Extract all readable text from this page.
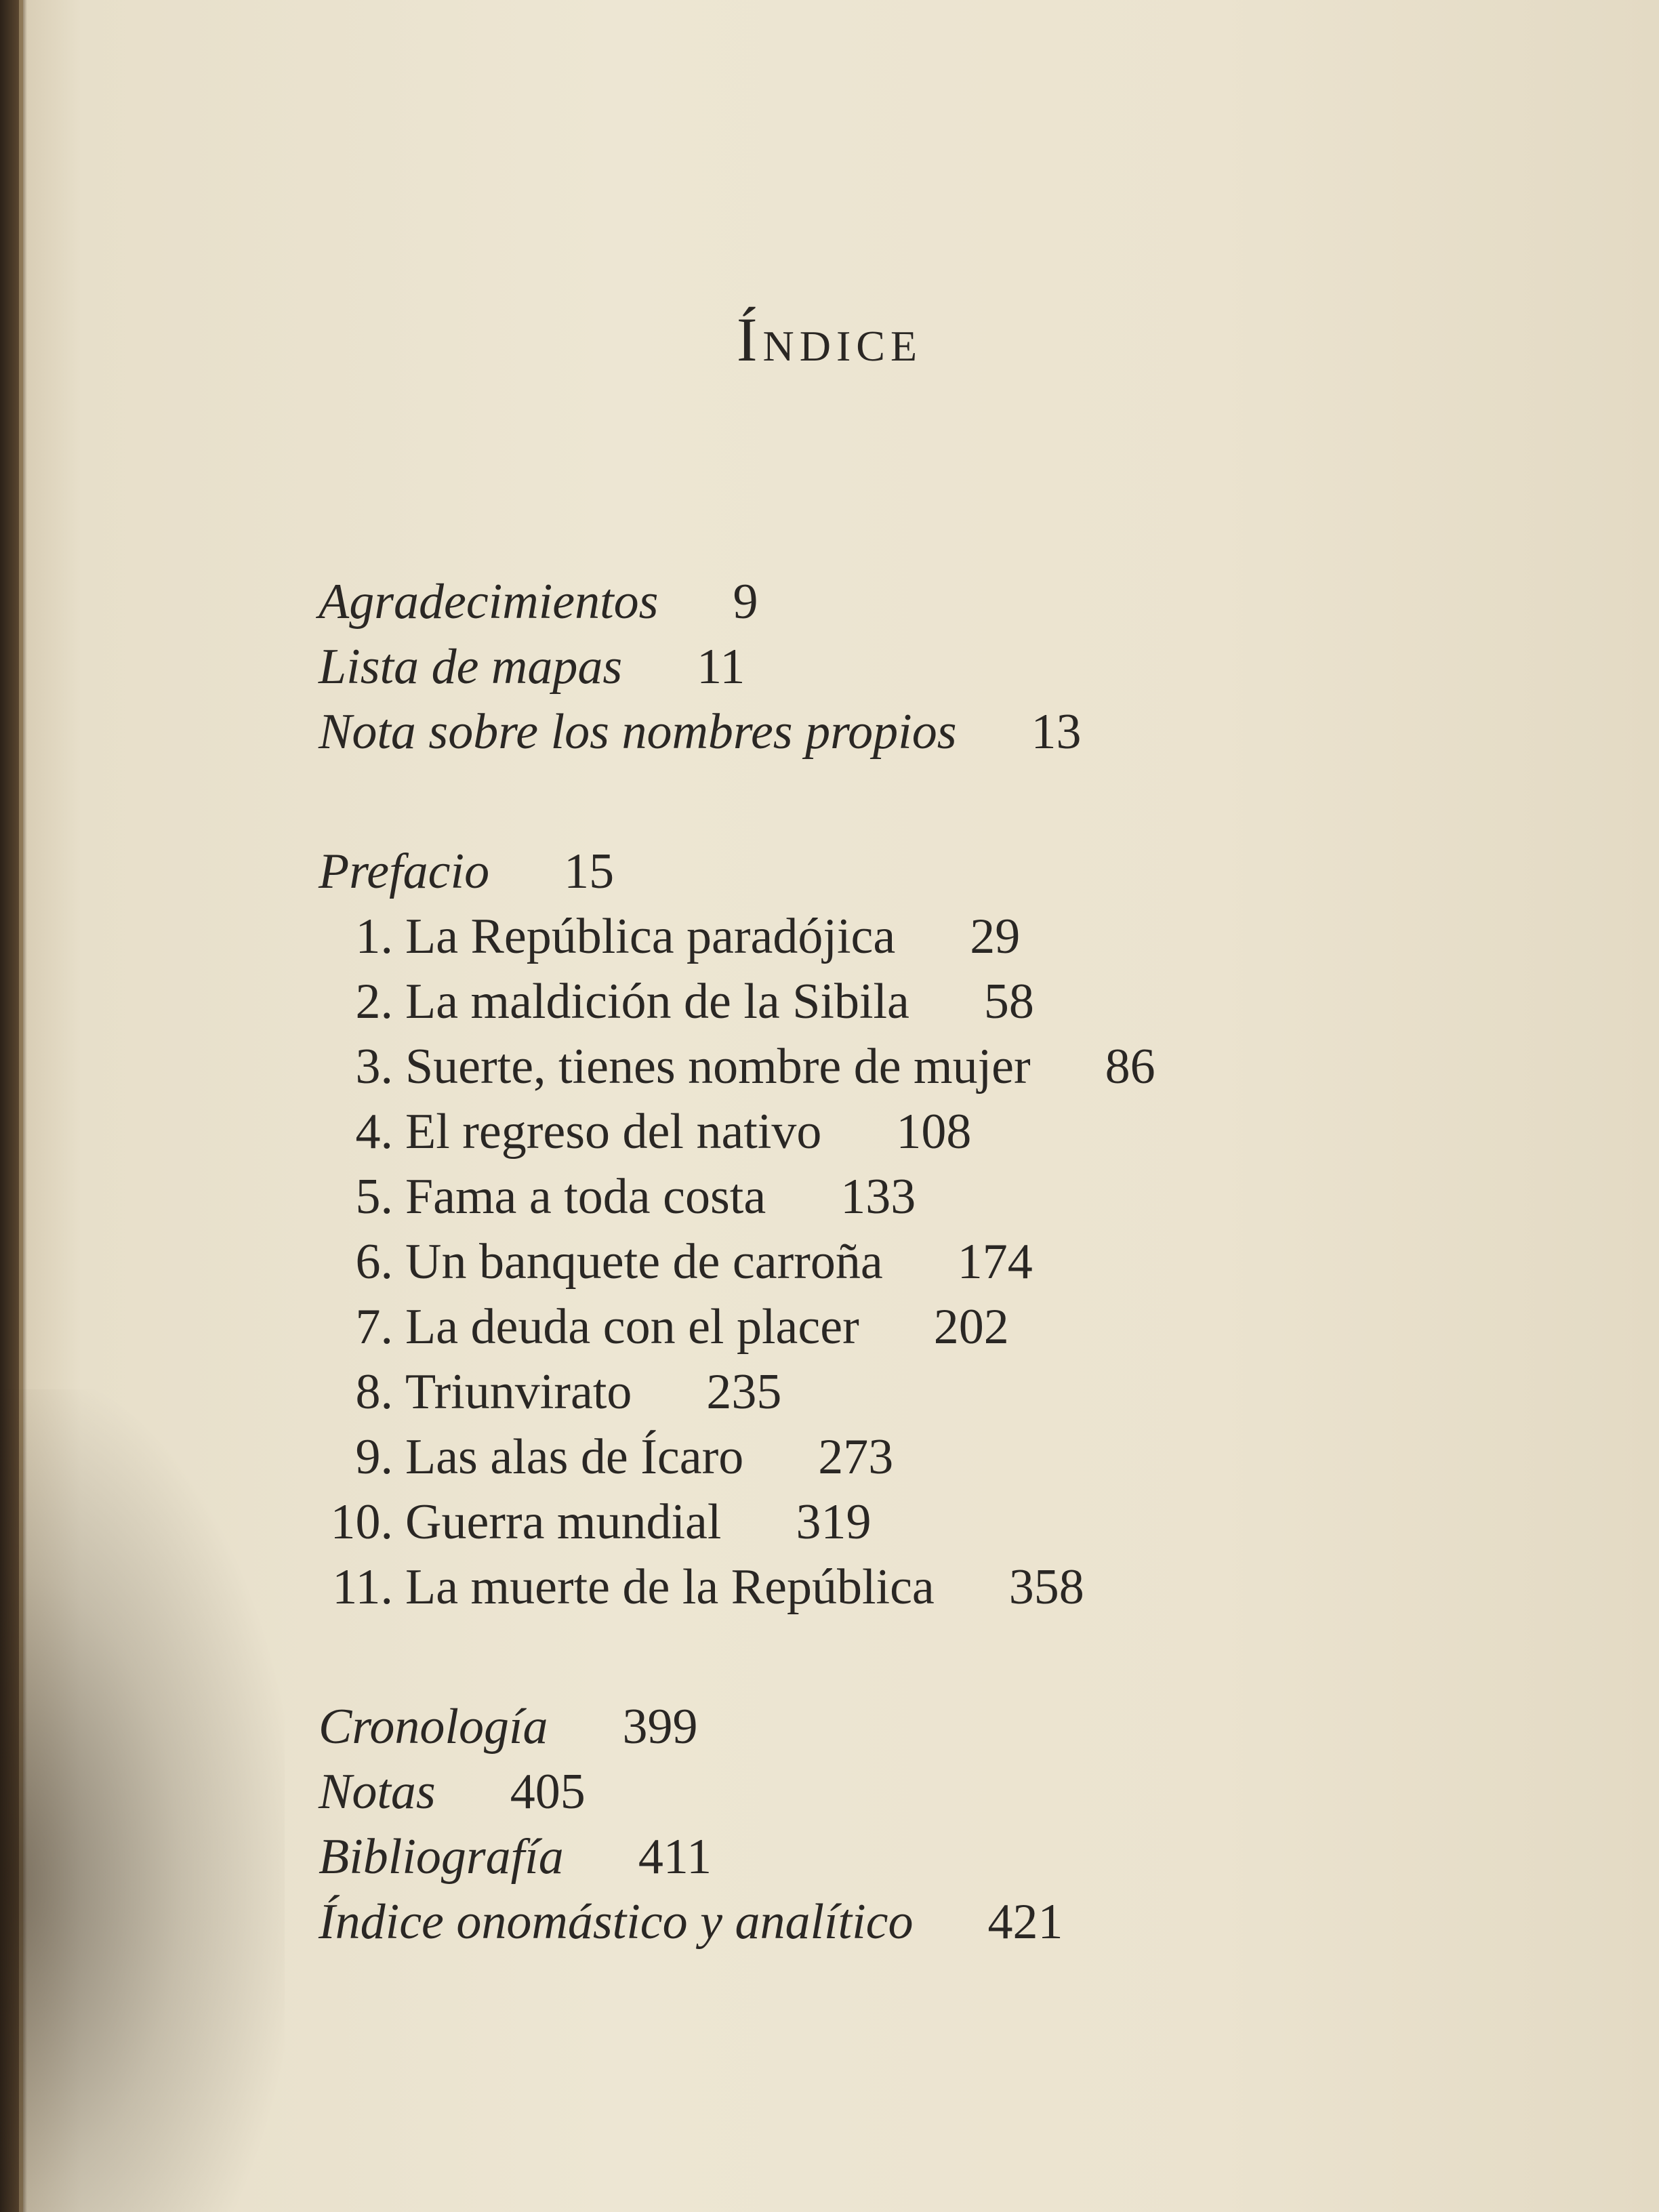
Índice
Agradecimientos 9
Lista de mapas 11
Nota sobre los nombres propios 13
Prefacio 15
1. La República paradójica 29
2. La maldición de la Sibila 58
3. Suerte, tienes nombre de mujer 86
4. El regreso del nativo 108
5. Fama a toda costa 133
6. Un banquete de carroña 174
7. La deuda con el placer 202
8. Triunvirato 235
9. Las alas de Ícaro 273
10. Guerra mundial 319
11. La muerte de la República 358
Cronología 399
Notas 405
Bibliografía 411
Índice onomástico y analítico 421
